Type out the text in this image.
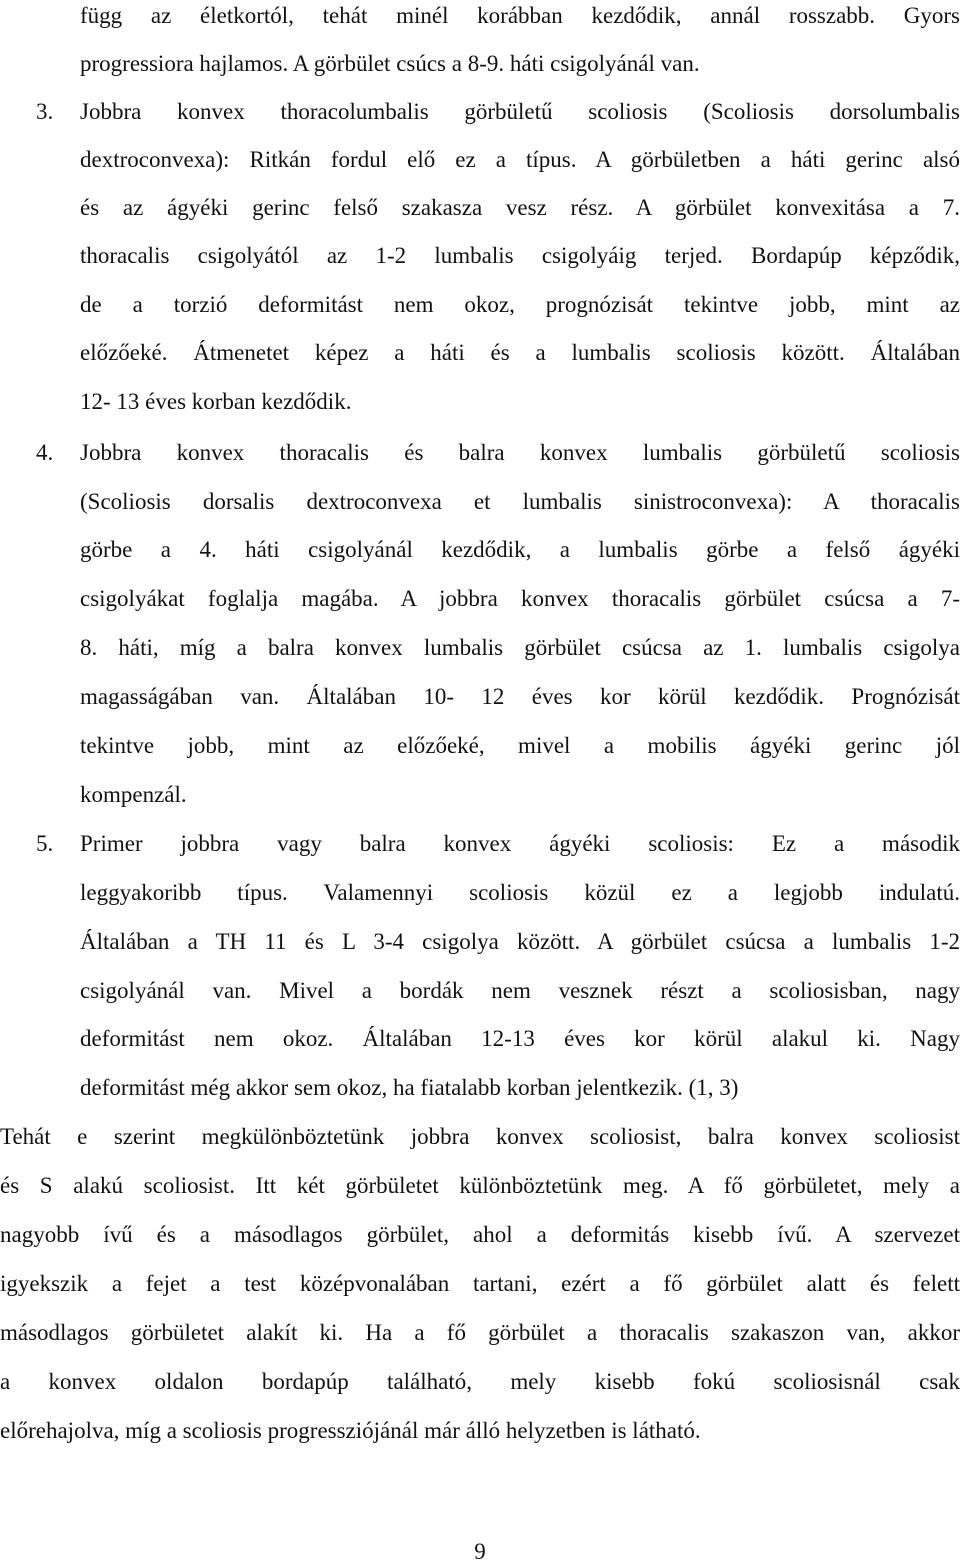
függ az életkortól, tehát minél korábban kezdődik, annál rosszabb. Gyors
progressiora hajlamos. A görbület csúcs a 8-9. háti csigolyánál van.
3. Jobbra konvex thoracolumbalis görbületű scoliosis (Scoliosis dorsolumbalis
dextroconvexa): Ritkán fordul elő ez a típus. A görbületben a háti gerinc alsó
és az ágyéki gerinc felső szakasza vesz rész. A görbület konvexitása a 7.
thoracalis csigolyától az 1-2 lumbalis csigolyáig terjed. Bordapúp képződik,
de a torzió deformitást nem okoz, prognózisát tekintve jobb, mint az
előzőeké. Átmenetet képez a háti és a lumbalis scoliosis között. Általában
12- 13 éves korban kezdődik.
4. Jobbra konvex thoracalis és balra konvex lumbalis görbületű scoliosis
(Scoliosis dorsalis dextroconvexa et lumbalis sinistroconvexa): A thoracalis
görbe a 4. háti csigolyánál kezdődik, a lumbalis görbe a felső ágyéki
csigolyákat foglalja magába. A jobbra konvex thoracalis görbület csúcsa a 7-
8. háti, míg a balra konvex lumbalis görbület csúcsa az 1. lumbalis csigolya
magasságában van. Általában 10- 12 éves kor körül kezdődik. Prognózisát
tekintve jobb, mint az előzőeké, mivel a mobilis ágyéki gerinc jól
kompenzál.
5. Primer jobbra vagy balra konvex ágyéki scoliosis: Ez a második
leggyakoribb típus. Valamennyi scoliosis közül ez a legjobb indulatú.
Általában a TH 11 és L 3-4 csigolya között. A görbület csúcsa a lumbalis 1-2
csigolyánál van. Mivel a bordák nem vesznek részt a scoliosisban, nagy
deformitást nem okoz. Általában 12-13 éves kor körül alakul ki. Nagy
deformitást még akkor sem okoz, ha fiatalabb korban jelentkezik. (1, 3)
Tehát e szerint megkülönböztetünk jobbra konvex scoliosist, balra konvex scoliosist
és S alakú scoliosist. Itt két görbületet különböztetünk meg. A fő görbületet, mely a
nagyobb ívű és a másodlagos görbület, ahol a deformitás kisebb ívű. A szervezet
igyekszik a fejet a test középvonalában tartani, ezért a fő görbület alatt és felett
másodlagos görbületet alakít ki. Ha a fő görbület a thoracalis szakaszon van, akkor
a konvex oldalon bordapúp található, mely kisebb fokú scoliosisnál csak
előrehajolva, míg a scoliosis progressziójánál már álló helyzetben is látható.
9
